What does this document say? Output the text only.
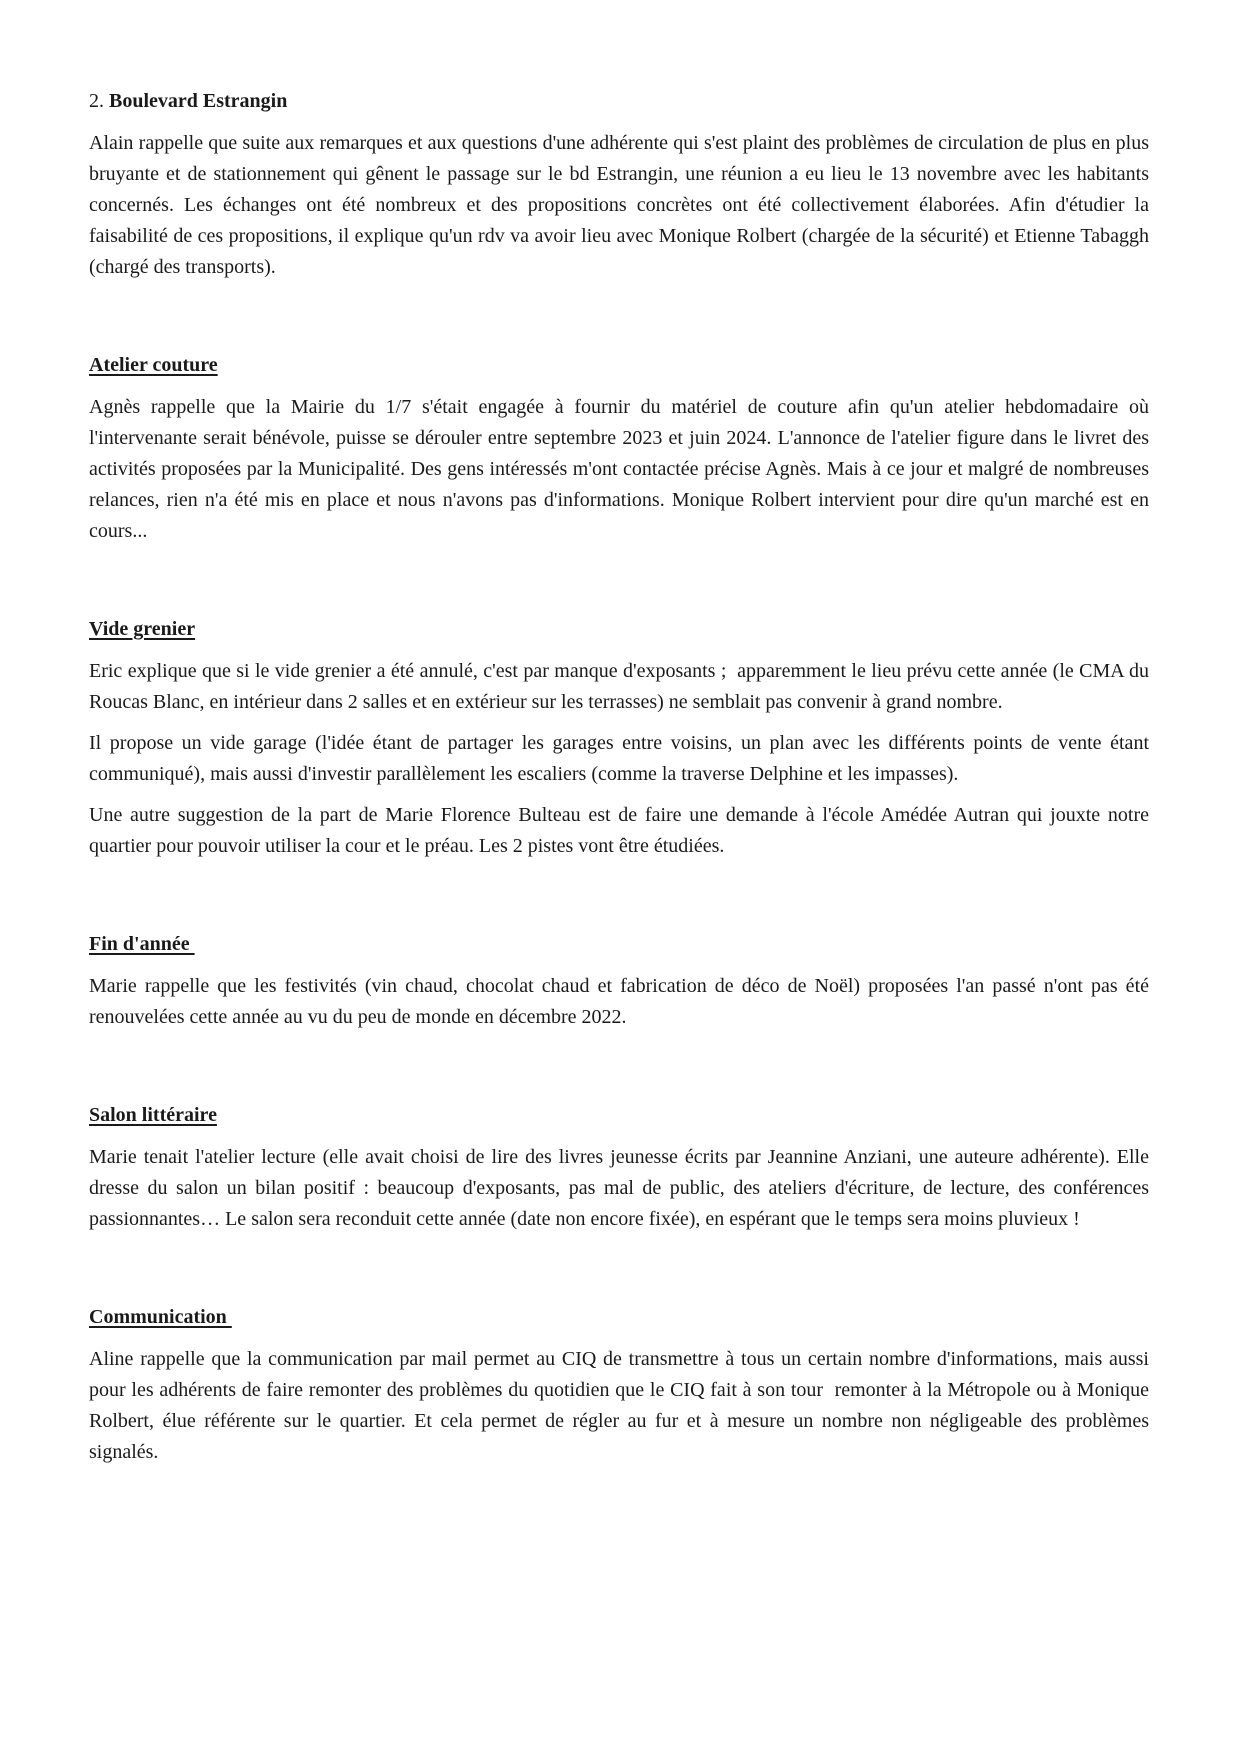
2. Boulevard Estrangin

Alain rappelle que suite aux remarques et aux questions d'une adhérente qui s'est plaint des problèmes de circulation de plus en plus bruyante et de stationnement qui gênent le passage sur le bd Estrangin, une réunion a eu lieu le 13 novembre avec les habitants concernés. Les échanges ont été nombreux et des propositions concrètes ont été collectivement élaborées. Afin d'étudier la faisabilité de ces propositions, il explique qu'un rdv va avoir lieu avec Monique Rolbert (chargée de la sécurité) et Etienne Tabaggh (chargé des transports).

Atelier couture

Agnès rappelle que la Mairie du 1/7 s'était engagée à fournir du matériel de couture afin qu'un atelier hebdomadaire où l'intervenante serait bénévole, puisse se dérouler entre septembre 2023 et juin 2024. L'annonce de l'atelier figure dans le livret des activités proposées par la Municipalité. Des gens intéressés m'ont contactée précise Agnès. Mais à ce jour et malgré de nombreuses relances, rien n'a été mis en place et nous n'avons pas d'informations. Monique Rolbert intervient pour dire qu'un marché est en cours...

Vide grenier

Eric explique que si le vide grenier a été annulé, c'est par manque d'exposants ;  apparemment le lieu prévu cette année (le CMA du Roucas Blanc, en intérieur dans 2 salles et en extérieur sur les terrasses) ne semblait pas convenir à grand nombre.

Il propose un vide garage (l'idée étant de partager les garages entre voisins, un plan avec les différents points de vente étant communiqué), mais aussi d'investir parallèlement les escaliers (comme la traverse Delphine et les impasses).

Une autre suggestion de la part de Marie Florence Bulteau est de faire une demande à l'école Amédée Autran qui jouxte notre quartier pour pouvoir utiliser la cour et le préau. Les 2 pistes vont être étudiées.

Fin d'année

Marie rappelle que les festivités (vin chaud, chocolat chaud et fabrication de déco de Noël) proposées l'an passé n'ont pas été renouvelées cette année au vu du peu de monde en décembre 2022.

Salon littéraire

Marie tenait l'atelier lecture (elle avait choisi de lire des livres jeunesse écrits par Jeannine Anziani, une auteure adhérente). Elle dresse du salon un bilan positif : beaucoup d'exposants, pas mal de public, des ateliers d'écriture, de lecture, des conférences passionnantes… Le salon sera reconduit cette année (date non encore fixée), en espérant que le temps sera moins pluvieux !

Communication

Aline rappelle que la communication par mail permet au CIQ de transmettre à tous un certain nombre d'informations, mais aussi pour les adhérents de faire remonter des problèmes du quotidien que le CIQ fait à son tour  remonter à la Métropole ou à Monique Rolbert, élue référente sur le quartier. Et cela permet de régler au fur et à mesure un nombre non négligeable des problèmes signalés.
